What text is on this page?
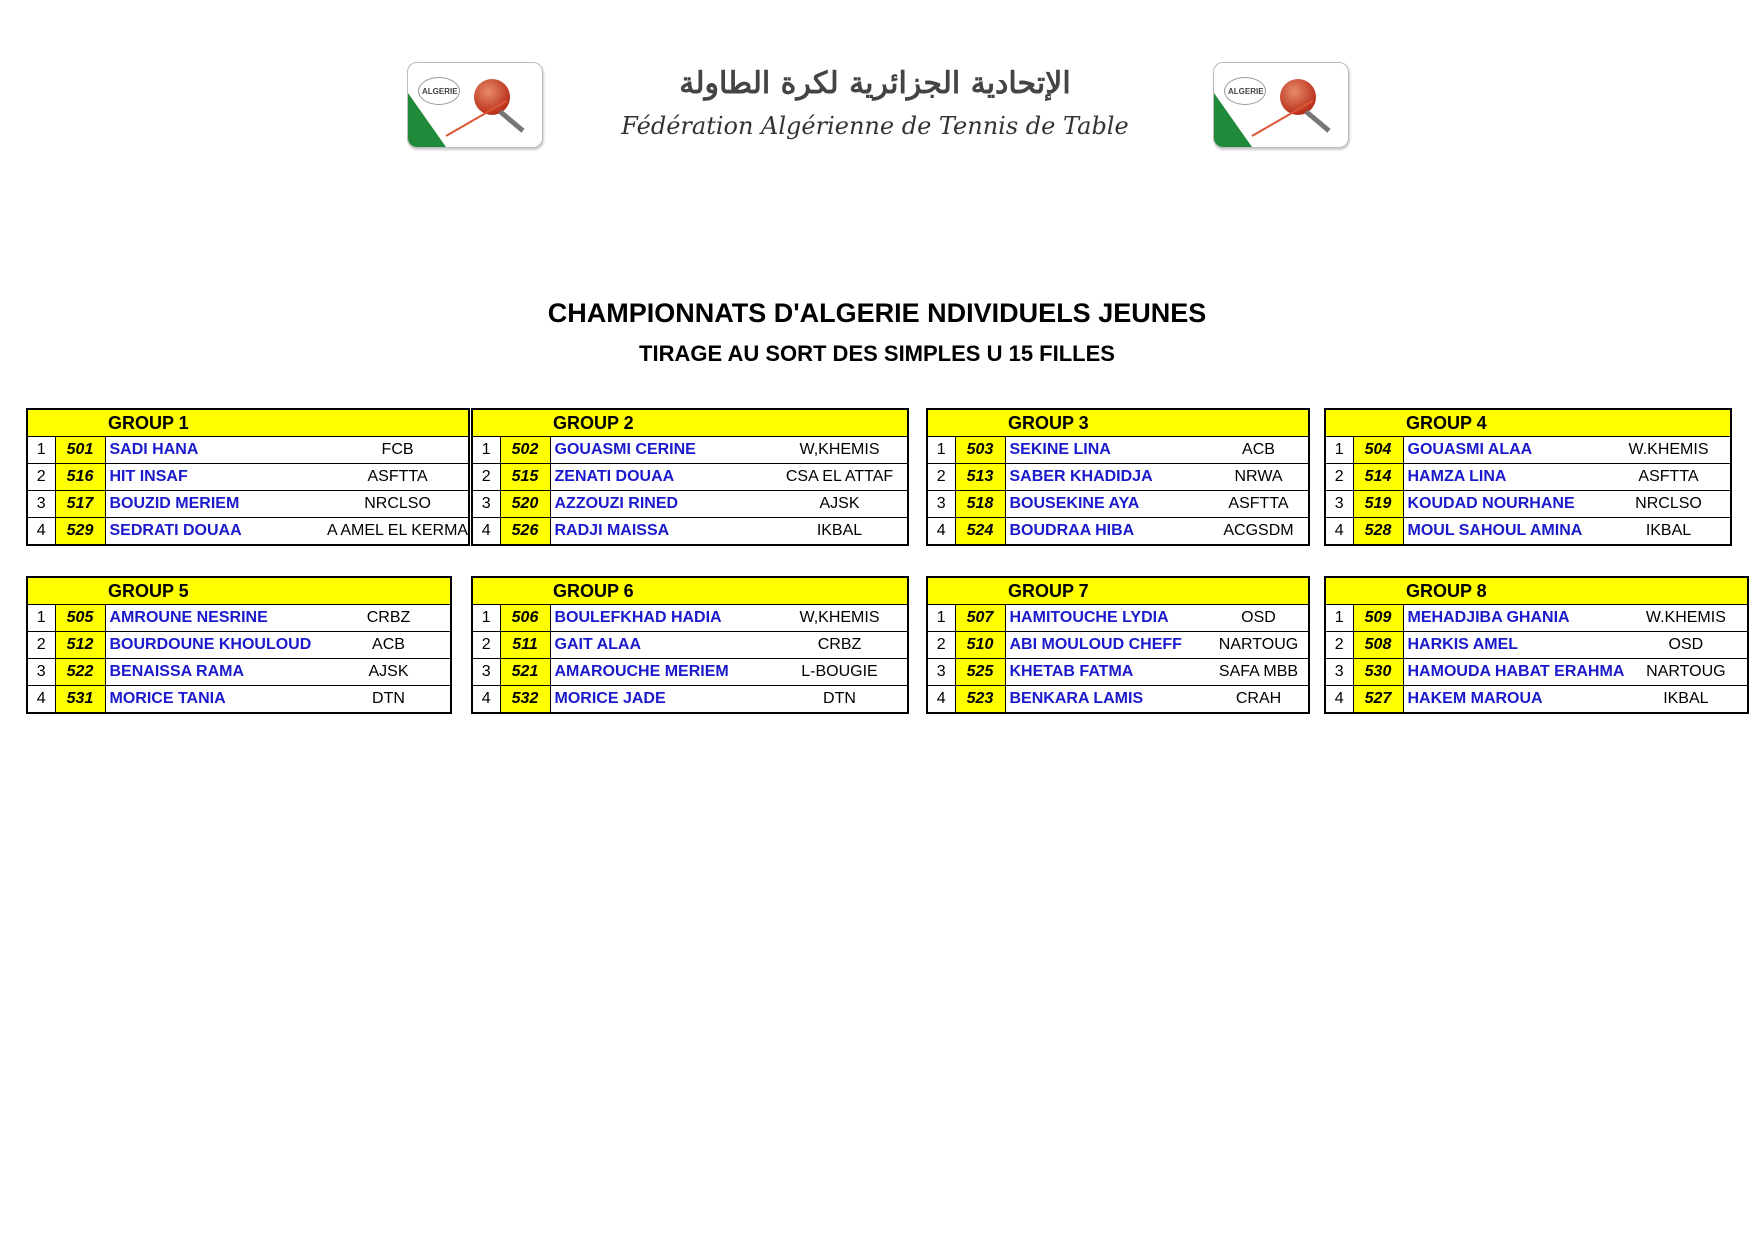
ALGERIE	الإتحادية الجزائرية لكرة الطاولة
Fédération Algérienne de Tennis de Table
ALGERIE
CHAMPIONNATS D'ALGERIE NDIVIDUELS JEUNES
TIRAGE AU SORT DES SIMPLES U 15 FILLES
GROUP 1			
1	501	SADI HANA	FCB
2	516	HIT INSAF	ASFTTA
3	517	BOUZID MERIEM	NRCLSO
4	529	SEDRATI DOUAA	A AMEL EL KERMA
GROUP 2			
1	502	GOUASMI CERINE	W,KHEMIS
2	515	ZENATI DOUAA	CSA EL ATTAF
3	520	AZZOUZI RINED	AJSK
4	526	RADJI MAISSA	IKBAL
GROUP 3			
1	503	SEKINE LINA	ACB
2	513	SABER KHADIDJA	NRWA
3	518	BOUSEKINE AYA	ASFTTA
4	524	BOUDRAA HIBA	ACGSDM
GROUP 4			
1	504	GOUASMI ALAA	W.KHEMIS
2	514	HAMZA LINA	ASFTTA
3	519	KOUDAD NOURHANE	NRCLSO
4	528	MOUL SAHOUL AMINA	IKBAL
GROUP 5			
1	505	AMROUNE NESRINE	CRBZ
2	512	BOURDOUNE KHOULOUD	ACB
3	522	BENAISSA RAMA	AJSK
4	531	MORICE TANIA	DTN
GROUP 6			
1	506	BOULEFKHAD HADIA	W,KHEMIS
2	511	GAIT ALAA	CRBZ
3	521	AMAROUCHE MERIEM	L-BOUGIE
4	532	MORICE JADE	DTN
GROUP 7			
1	507	HAMITOUCHE LYDIA	OSD
2	510	ABI MOULOUD CHEFF	NARTOUG
3	525	KHETAB FATMA	SAFA MBB
4	523	BENKARA LAMIS	CRAH
GROUP 8			
1	509	MEHADJIBA GHANIA	W.KHEMIS
2	508	HARKIS AMEL	OSD
3	530	HAMOUDA HABAT ERAHMA	NARTOUG
4	527	HAKEM MAROUA	IKBAL
